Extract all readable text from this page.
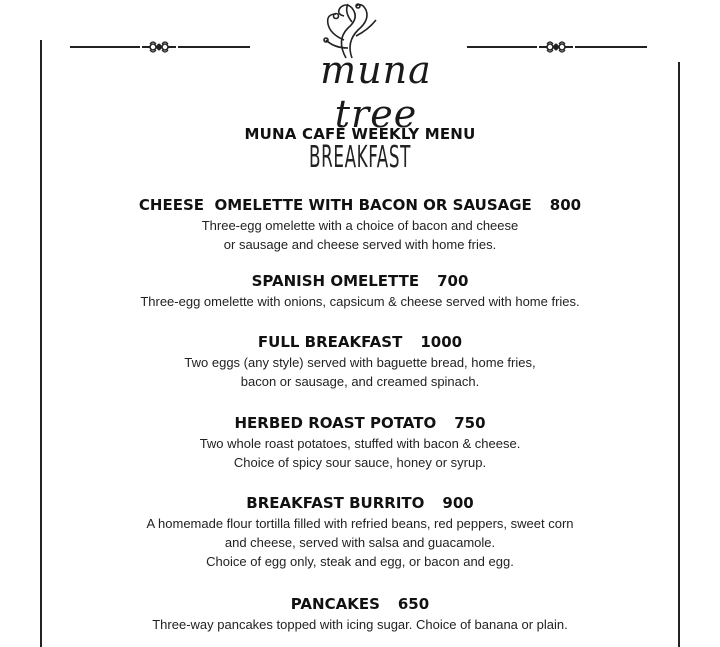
muna tree
MUNA CAFÉ WEEKLY MENU
BREAKFAST
CHEESE  OMELETTE WITH BACON OR SAUSAGE 800
Three-egg omelette with a choice of bacon and cheese
or sausage and cheese served with home fries.
SPANISH OMELETTE 700
Three-egg omelette with onions, capsicum & cheese served with home fries.
FULL BREAKFAST 1000
Two eggs (any style) served with baguette bread, home fries,
bacon or sausage, and creamed spinach.
HERBED ROAST POTATO 750
Two whole roast potatoes, stuffed with bacon & cheese.
Choice of spicy sour sauce, honey or syrup.
BREAKFAST BURRITO 900
A homemade flour tortilla filled with refried beans, red peppers, sweet corn
and cheese, served with salsa and guacamole.
Choice of egg only, steak and egg, or bacon and egg.
PANCAKES 650
Three-way pancakes topped with icing sugar. Choice of banana or plain.
